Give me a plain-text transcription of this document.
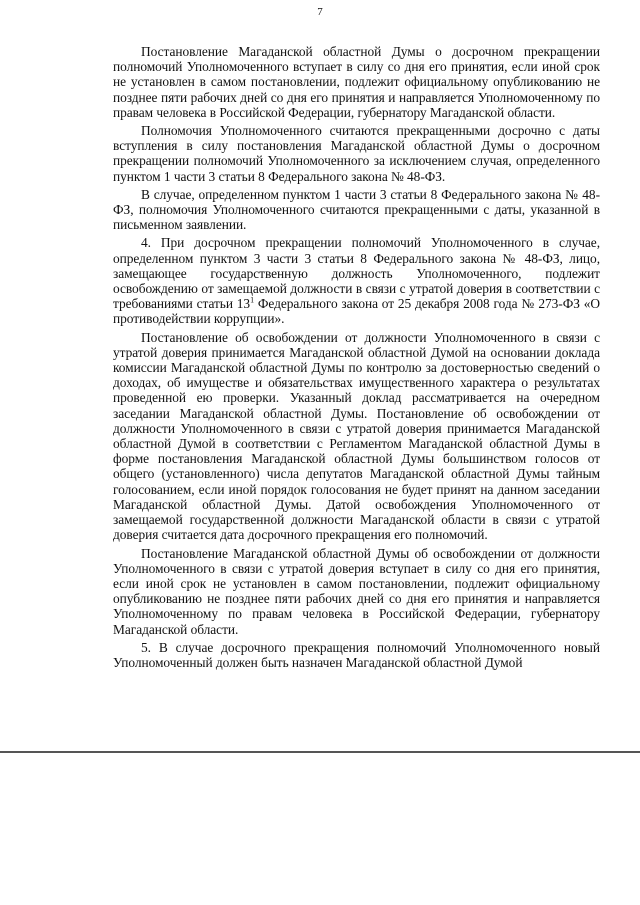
7

Постановление Магаданской областной Думы о досрочном прекращении полномочий Уполномоченного вступает в силу со дня его принятия, если иной срок не установлен в самом постановлении, подлежит официальному опубликованию не позднее пяти рабочих дней со дня его принятия и направляется Уполномоченному по правам человека в Российской Федерации, губернатору Магаданской области.

Полномочия Уполномоченного считаются прекращенными досрочно с даты вступления в силу постановления Магаданской областной Думы о досрочном прекращении полномочий Уполномоченного за исключением случая, определенного пунктом 1 части 3 статьи 8 Федерального закона № 48-ФЗ.

В случае, определенном пунктом 1 части 3 статьи 8 Федерального закона № 48-ФЗ, полномочия Уполномоченного считаются прекращенными с даты, указанной в письменном заявлении.

4. При досрочном прекращении полномочий Уполномоченного в случае, определенном пунктом 3 части 3 статьи 8 Федерального закона № 48-ФЗ, лицо, замещающее государственную должность Уполномоченного, подлежит освобождению от замещаемой должности в связи с утратой доверия в соответствии с требованиями статьи $13^1$ Федерального закона от 25 декабря 2008 года № 273-ФЗ «О противодействии коррупции».

Постановление об освобождении от должности Уполномоченного в связи с утратой доверия принимается Магаданской областной Думой на основании доклада комиссии Магаданской областной Думы по контролю за достоверностью сведений о доходах, об имуществе и обязательствах имущественного характера о результатах проведенной ею проверки. Указанный доклад рассматривается на очередном заседании Магаданской областной Думы. Постановление об освобождении от должности Уполномоченного в связи с утратой доверия принимается Магаданской областной Думой в соответствии с Регламентом Магаданской областной Думы в форме постановления Магаданской областной Думы большинством голосов от общего (установленного) числа депутатов Магаданской областной Думы тайным голосованием, если иной порядок голосования не будет принят на данном заседании Магаданской областной Думы. Датой освобождения Уполномоченного от замещаемой государственной должности Магаданской области в связи с утратой доверия считается дата досрочного прекращения его полномочий.

Постановление Магаданской областной Думы об освобождении от должности Уполномоченного в связи с утратой доверия вступает в силу со дня его принятия, если иной срок не установлен в самом постановлении, подлежит официальному опубликованию не позднее пяти рабочих дней со дня его принятия и направляется Уполномоченному по правам человека в Российской Федерации, губернатору Магаданской области.

5. В случае досрочного прекращения полномочий Уполномоченного новый Уполномоченный должен быть назначен Магаданской областной Думой
